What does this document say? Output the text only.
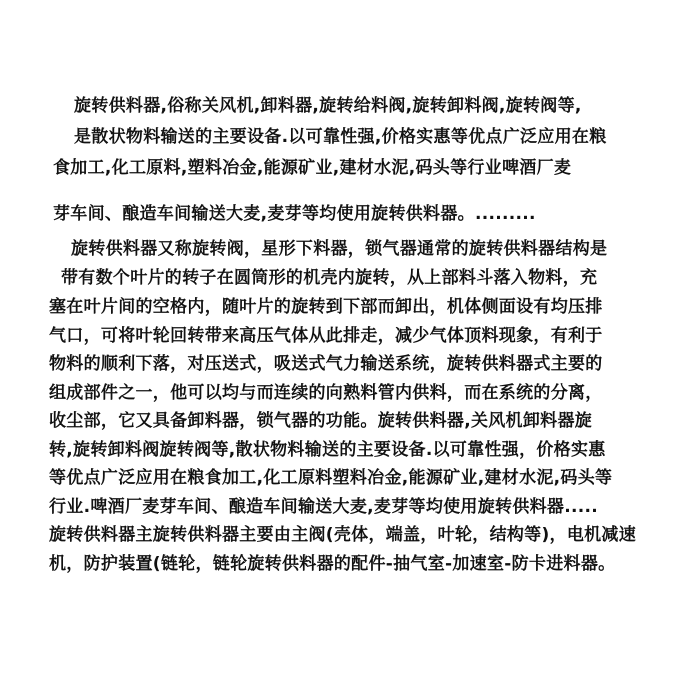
旋转供料器,俗称关风机,卸料器,旋转给料阀,旋转卸料阀,旋转阀等,
是散状物料输送的主要设备.以可靠性强,价格实惠等优点广泛应用在粮
食加工,化工原料,塑料冶金,能源矿业,建材水泥,码头等行业啤酒厂麦
芽车间、酿造车间输送大麦,麦芽等均使用旋转供料器。.........
旋转供料器又称旋转阀，星形下料器，锁气器通常的旋转供料器结构是
带有数个叶片的转子在圆筒形的机壳内旋转，从上部料斗落入物料，充
塞在叶片间的空格内，随叶片的旋转到下部而卸出，机体侧面设有均压排
气口，可将叶轮回转带来高压气体从此排走，减少气体顶料现象，有利于
物料的顺利下落，对压送式，吸送式气力输送系统，旋转供料器式主要的
组成部件之一，他可以均与而连续的向熟料管内供料，而在系统的分离，
收尘部，它又具备卸料器，锁气器的功能。旋转供料器,关风机卸料器旋
转,旋转卸料阀旋转阀等,散状物料输送的主要设备.以可靠性强，价格实惠
等优点广泛应用在粮食加工,化工原料塑料冶金,能源矿业,建材水泥,码头等
行业.啤酒厂麦芽车间、酿造车间输送大麦,麦芽等均使用旋转供料器.....
旋转供料器主旋转供料器主要由主阀(壳体，端盖，叶轮，结构等)，电机减速
机，防护装置(链轮，链轮旋转供料器的配件-抽气室-加速室-防卡进料器。
